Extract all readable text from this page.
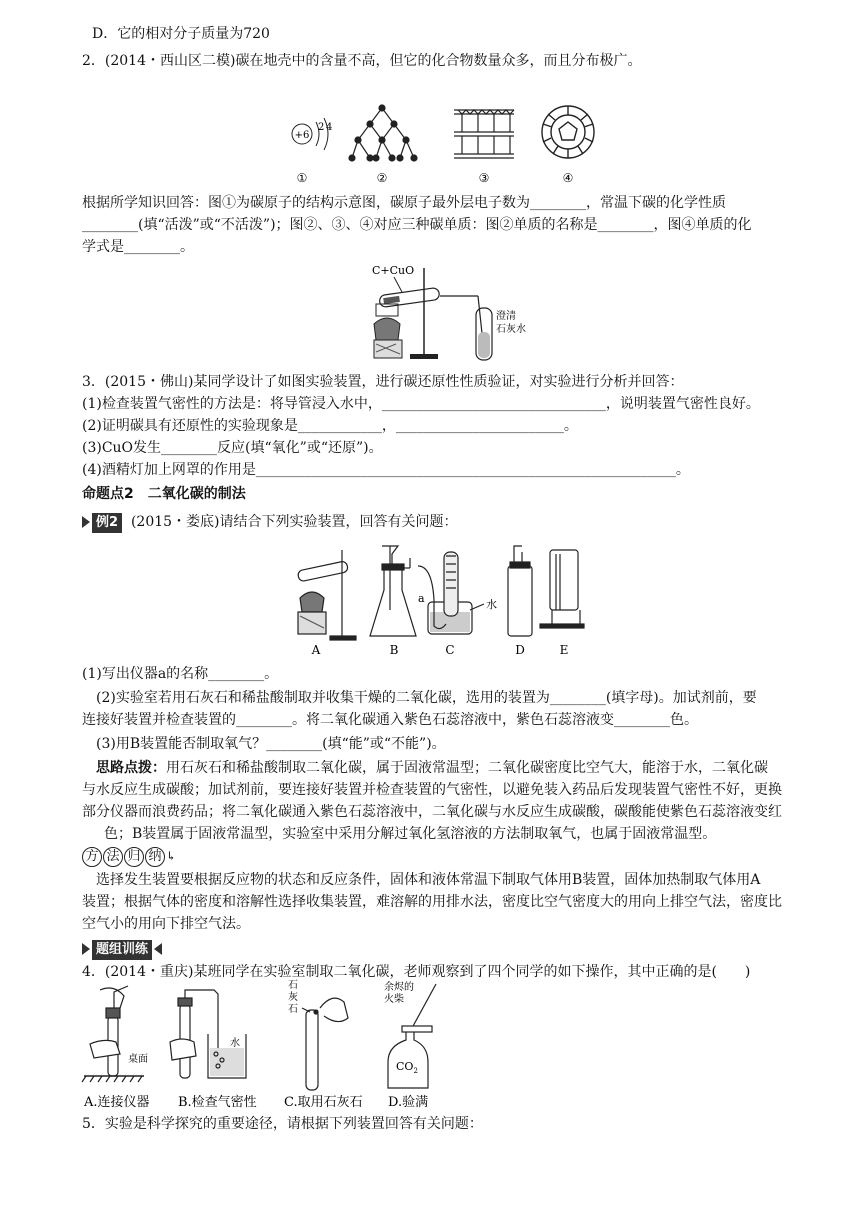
D．它的相对分子质量为720
2．(2014・西山区二模)碳在地壳中的含量不高，但它的化合物数量众多，而且分布极广。
+6
2 4
①	②	③	④
根据所学知识回答：图①为碳原子的结构示意图，碳原子最外层电子数为________，常温下碳的化学性质
________(填“活泼”或“不活泼”)；图②、③、④对应三种碳单质：图②单质的名称是________，图④单质的化
学式是________。
C+CuO
澄清
石灰水
3．(2015・佛山)某同学设计了如图实验装置，进行碳还原性性质验证，对实验进行分析并回答：
(1)检查装置气密性的方法是：将导管浸入水中，________________________________，说明装置气密性良好。
(2)证明碳具有还原性的实验现象是____________，________________________。
(3)CuO发生________反应(填“氧化”或“还原”)。
(4)酒精灯加上网罩的作用是____________________________________________________________。
命题点2　二氧化碳的制法
例2 (2015・娄底)请结合下列实验装置，回答有关问题：
a	水
A	B	C	D	E
(1)写出仪器a的名称________。
(2)实验室若用石灰石和稀盐酸制取并收集干燥的二氧化碳，选用的装置为________(填字母)。加试剂前，要
连接好装置并检查装置的________。将二氧化碳通入紫色石蕊溶液中，紫色石蕊溶液变________色。
(3)用B装置能否制取氧气？________(填“能”或“不能”)。
思路点拨：用石灰石和稀盐酸制取二氧化碳，属于固液常温型；二氧化碳密度比空气大，能溶于水，二氧化碳
与水反应生成碳酸；加试剂前，要连接好装置并检查装置的气密性，以避免装入药品后发现装置气密性不好，更换
部分仪器而浪费药品；将二氧化碳通入紫色石蕊溶液中，二氧化碳与水反应生成碳酸，碳酸能使紫色石蕊溶液变红
色；B装置属于固液常温型，实验室中采用分解过氧化氢溶液的方法制取氧气，也属于固液常温型。
方 法 归 纳 ↳
选择发生装置要根据反应物的状态和反应条件，固体和液体常温下制取气体用B装置，固体加热制取气体用A
装置；根据气体的密度和溶解性选择收集装置，难溶解的用排水法，密度比空气密度大的用向上排空气法，密度比
空气小的用向下排空气法。
题组训练
4．(2014・重庆)某班同学在实验室制取二氧化碳，老师观察到了四个同学的如下操作，其中正确的是(　　)
桌面
水
石
灰
石
余烬的
火柴
$CO_2$
A.连接仪器 B.检查气密性 C.取用石灰石 D.验满
5．实验是科学探究的重要途径，请根据下列装置回答有关问题：
